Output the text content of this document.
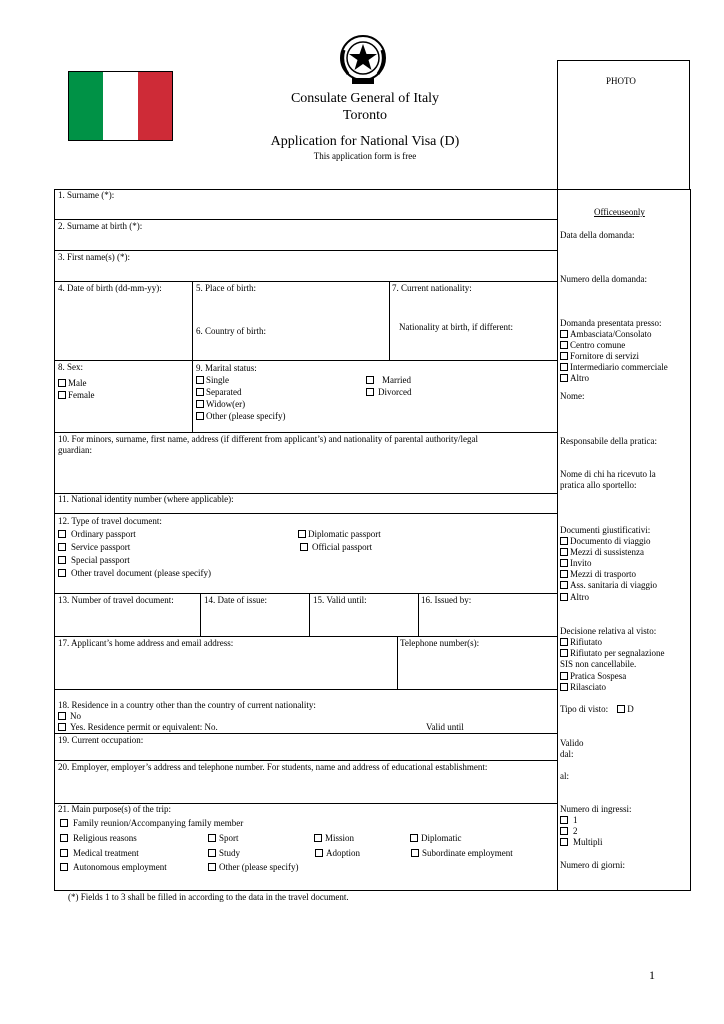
Consulate General of Italy
Toronto
Application for National Visa (D)
This application form is free
PHOTO
1. Surname (*):
2. Surname at birth (*):
3. First name(s) (*):
4. Date of birth (dd-mm-yy):	5. Place of birth:
6. Country of birth:
7. Current nationality:
Nationality at birth, if different:
8. Sex:
Male
Female
9. Marital status:
Single
Separated
Widow(er)
Other (please specify)
Married
Divorced
10. For minors, surname, first name, address (if different from applicant’s) and nationality of parental authority/legal
guardian:
11. National identity number (where applicable):
12. Type of travel document:
Ordinary passport
Service passport
Special passport
Other travel document (please specify)
Diplomatic passport
Official passport
13. Number of travel document:	14. Date of issue:	15. Valid until:	16. Issued by:
17. Applicant’s home address and email address:	Telephone number(s):
18. Residence in a country other than the country of current nationality:
No
Yes. Residence permit or equivalent: No.	Valid until
19. Current occupation:
20. Employer, employer’s address and telephone number. For students, name and address of educational establishment:
21. Main purpose(s) of the trip:
Family reunion/Accompanying family member
Religious reasons	Sport	Mission	Diplomatic
Medical treatment	Study	Adoption	Subordinate employment
Autonomous employment	Other (please specify)
Officeuseonly
Data della domanda:
Numero della domanda:
Domanda presentata presso:
Ambasciata/Consolato
Centro comune
Fornitore di servizi
Intermediario commerciale
Altro
Nome:
Responsabile della pratica:
Nome di chi ha ricevuto la
pratica allo sportello:
Documenti giustificativi:
Documento di viaggio
Mezzi di sussistenza
Invito
Mezzi di trasporto
Ass. sanitaria di viaggio
Altro
Decisione relativa al visto:
Rifiutato
Rifiutato per segnalazione
SIS non cancellabile.
Pratica Sospesa
Rilasciato
Tipo di visto: D
Valido
dal:
al:
Numero di ingressi:
1
2
Multipli
Numero di giorni:
(*) Fields 1 to 3 shall be filled in according to the data in the travel document.
1
